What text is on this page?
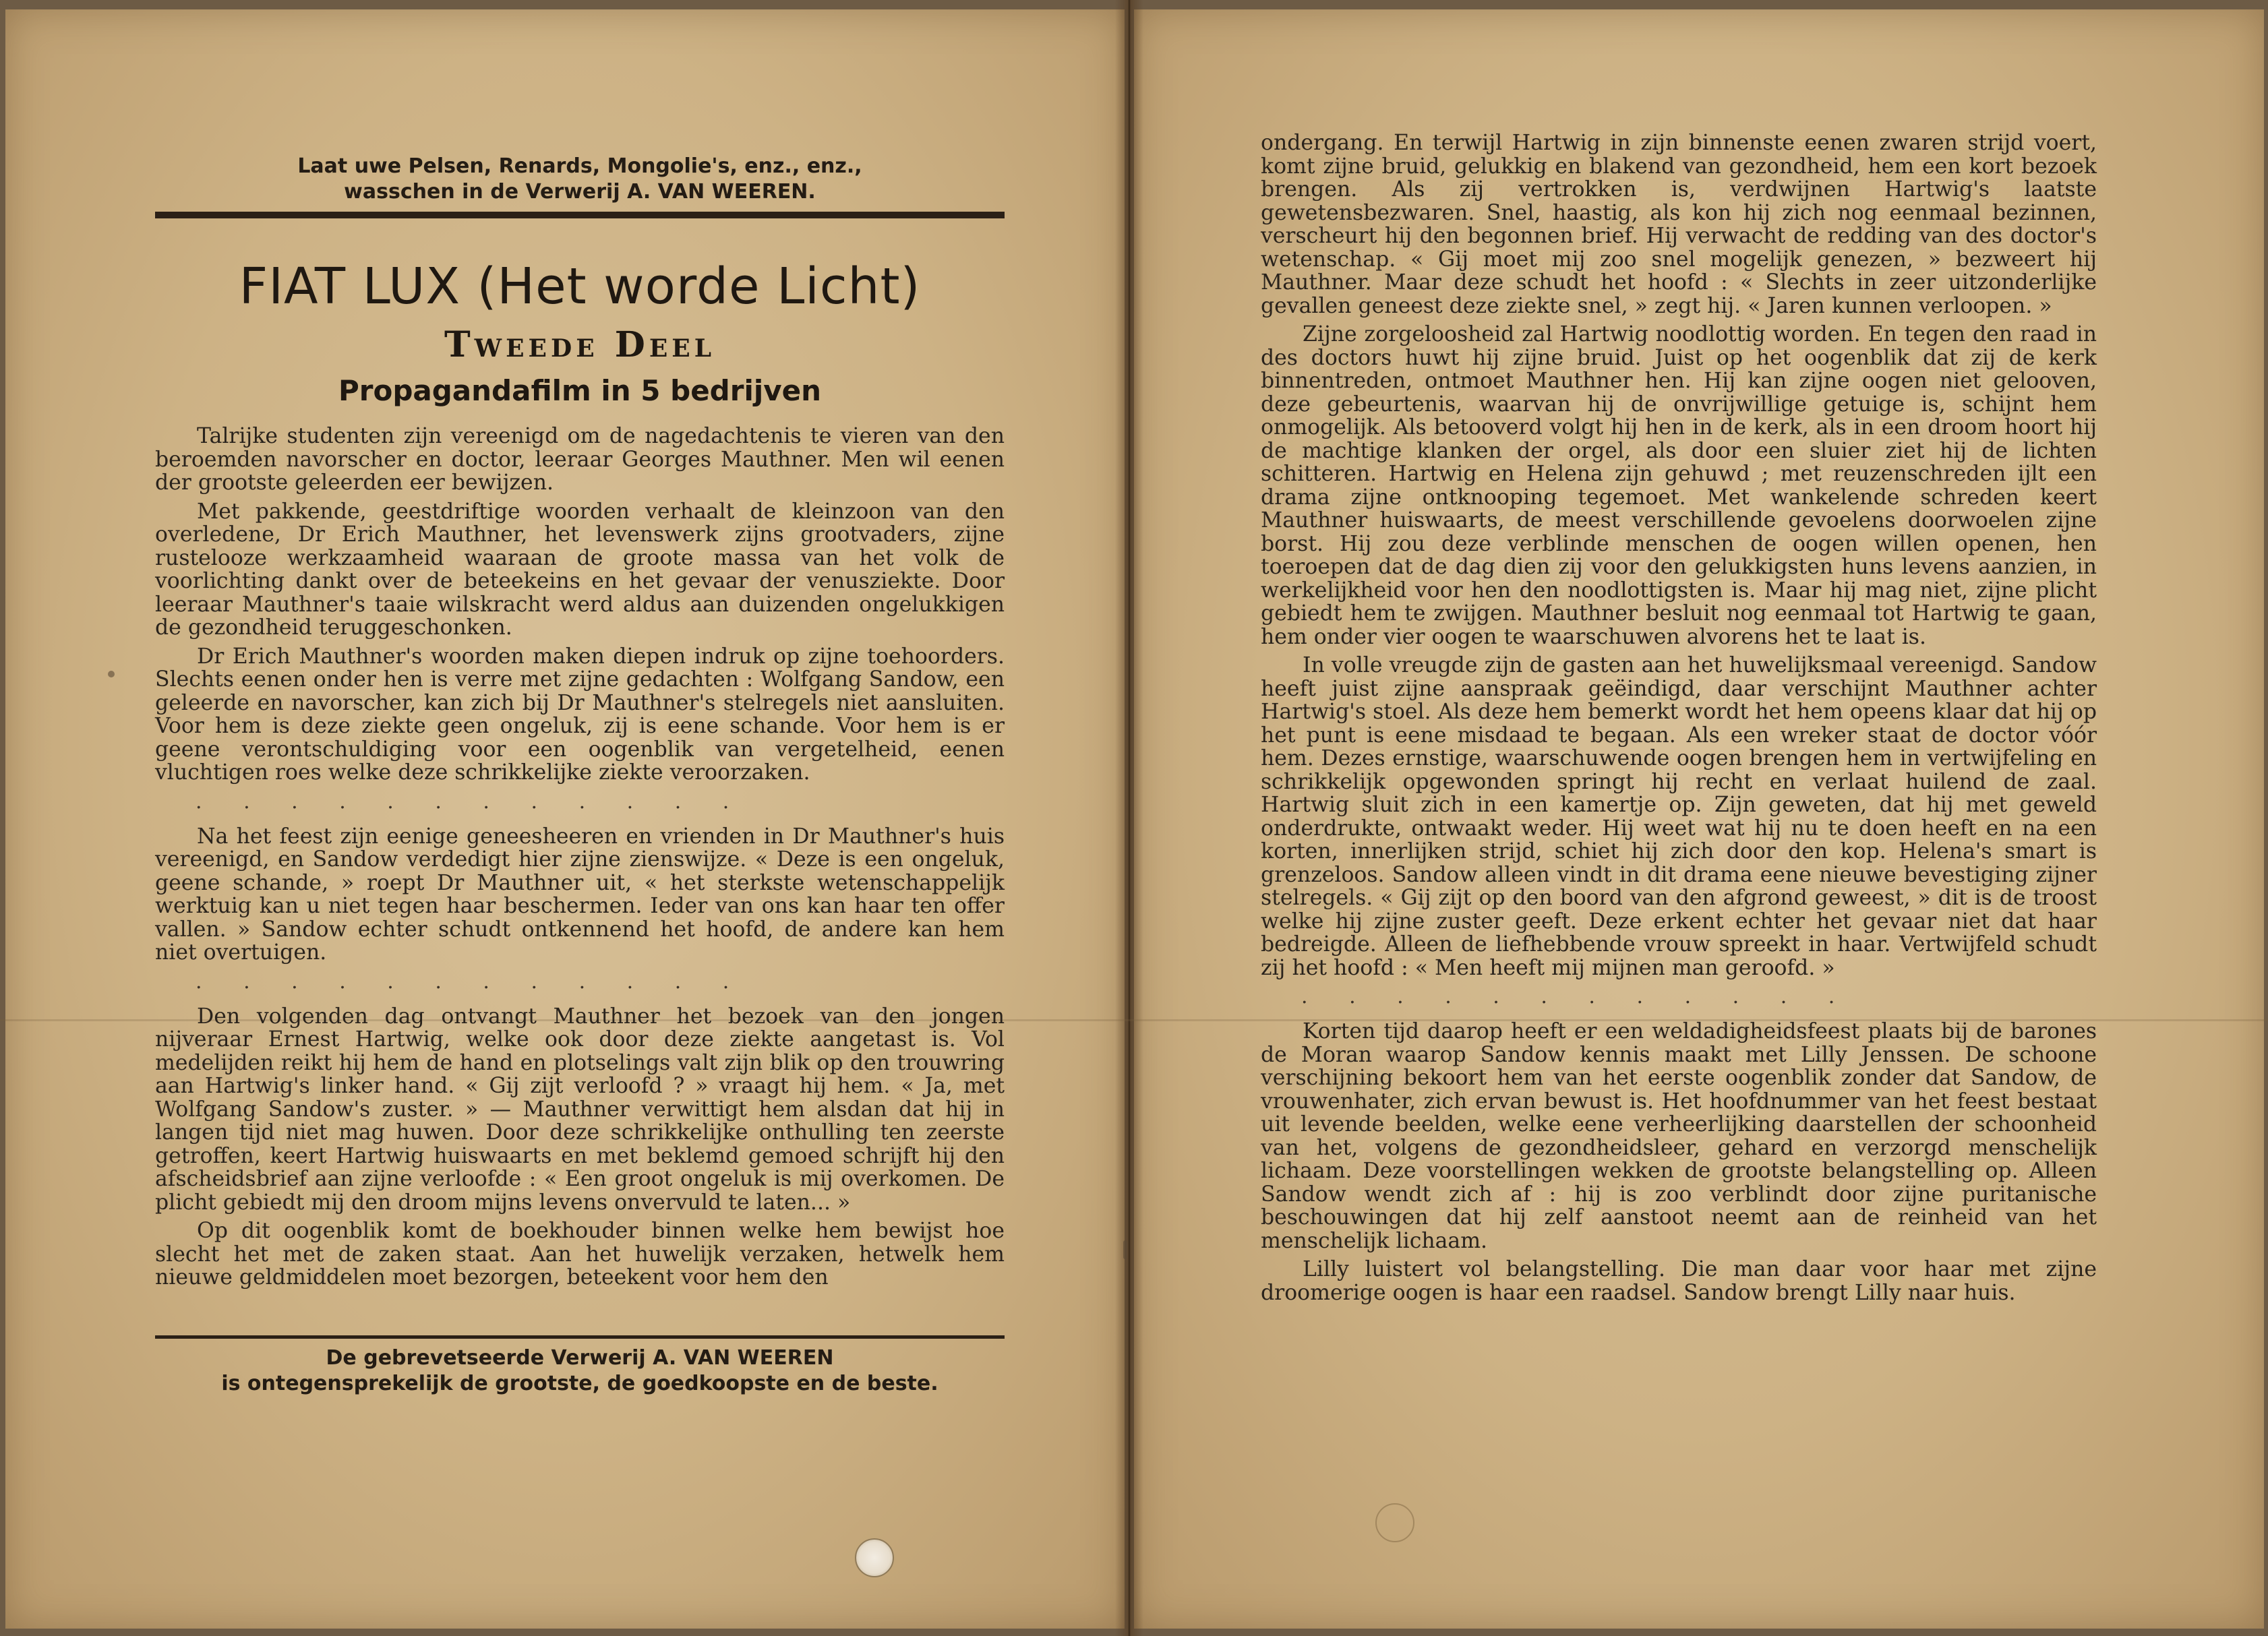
Laat uwe Pelsen, Renards, Mongolie's, enz., enz.,
wasschen in de Verwerij A. VAN WEEREN.
FIAT LUX (Het worde Licht)
Tweede Deel
Propagandafilm in 5 bedrijven

Talrijke studenten zijn vereenigd om de nagedachtenis te vieren van den beroemden navorscher en doctor, leeraar Georges Mauthner. Men wil eenen der grootste geleerden eer bewijzen.

Met pakkende, geestdriftige woorden verhaalt de kleinzoon van den overledene, Dr Erich Mauthner, het levenswerk zijns grootvaders, zijne rustelooze werkzaamheid waaraan de groote massa van het volk de voorlichting dankt over de beteekeins en het gevaar der venusziekte. Door leeraar Mauthner's taaie wilskracht werd aldus aan duizenden ongelukkigen de gezondheid teruggeschonken.

Dr Erich Mauthner's woorden maken diepen indruk op zijne toehoorders. Slechts eenen onder hen is verre met zijne gedachten : Wolfgang Sandow, een geleerde en navorscher, kan zich bij Dr Mauthner's stelregels niet aansluiten. Voor hem is deze ziekte geen ongeluk, zij is eene schande. Voor hem is er geene verontschuldiging voor een oogenblik van vergetelheid, eenen vluchtigen roes welke deze schrikkelijke ziekte veroorzaken.

. . . . . . . . . . . .

Na het feest zijn eenige geneesheeren en vrienden in Dr Mauthner's huis vereenigd, en Sandow verdedigt hier zijne zienswijze. « Deze is een ongeluk, geene schande, » roept Dr Mauthner uit, « het sterkste wetenschappelijk werktuig kan u niet tegen haar beschermen. Ieder van ons kan haar ten offer vallen. » Sandow echter schudt ontkennend het hoofd, de andere kan hem niet overtuigen.

. . . . . . . . . . . .

Den volgenden dag ontvangt Mauthner het bezoek van den jongen nijveraar Ernest Hartwig, welke ook door deze ziekte aangetast is. Vol medelijden reikt hij hem de hand en plotselings valt zijn blik op den trouwring aan Hartwig's linker hand. « Gij zijt verloofd ? » vraagt hij hem. « Ja, met Wolfgang Sandow's zuster. » — Mauthner verwittigt hem alsdan dat hij in langen tijd niet mag huwen. Door deze schrikkelijke onthulling ten zeerste getroffen, keert Hartwig huiswaarts en met beklemd gemoed schrijft hij den afscheidsbrief aan zijne verloofde : « Een groot ongeluk is mij overkomen. De plicht gebiedt mij den droom mijns levens onvervuld te laten... »

Op dit oogenblik komt de boekhouder binnen welke hem bewijst hoe slecht het met de zaken staat. Aan het huwelijk verzaken, hetwelk hem nieuwe geldmiddelen moet bezorgen, beteekent voor hem den

De gebrevetseerde Verwerij A. VAN WEEREN
is ontegensprekelijk de grootste, de goedkoopste en de beste.

ondergang. En terwijl Hartwig in zijn binnenste eenen zwaren strijd voert, komt zijne bruid, gelukkig en blakend van gezondheid, hem een kort bezoek brengen. Als zij vertrokken is, verdwijnen Hartwig's laatste gewetensbezwaren. Snel, haastig, als kon hij zich nog eenmaal bezinnen, verscheurt hij den begonnen brief. Hij verwacht de redding van des doctor's wetenschap. « Gij moet mij zoo snel mogelijk genezen, » bezweert hij Mauthner. Maar deze schudt het hoofd : « Slechts in zeer uitzonderlijke gevallen geneest deze ziekte snel, » zegt hij. « Jaren kunnen verloopen. »

Zijne zorgeloosheid zal Hartwig noodlottig worden. En tegen den raad in des doctors huwt hij zijne bruid. Juist op het oogenblik dat zij de kerk binnentreden, ontmoet Mauthner hen. Hij kan zijne oogen niet gelooven, deze gebeurtenis, waarvan hij de onvrijwillige getuige is, schijnt hem onmogelijk. Als betooverd volgt hij hen in de kerk, als in een droom hoort hij de machtige klanken der orgel, als door een sluier ziet hij de lichten schitteren. Hartwig en Helena zijn gehuwd ; met reuzenschreden ijlt een drama zijne ontknooping tegemoet. Met wankelende schreden keert Mauthner huiswaarts, de meest verschillende gevoelens doorwoelen zijne borst. Hij zou deze verblinde menschen de oogen willen openen, hen toeroepen dat de dag dien zij voor den gelukkigsten huns levens aanzien, in werkelijkheid voor hen den noodlottigsten is. Maar hij mag niet, zijne plicht gebiedt hem te zwijgen. Mauthner besluit nog eenmaal tot Hartwig te gaan, hem onder vier oogen te waarschuwen alvorens het te laat is.

In volle vreugde zijn de gasten aan het huwelijksmaal vereenigd. Sandow heeft juist zijne aanspraak geëindigd, daar verschijnt Mauthner achter Hartwig's stoel. Als deze hem bemerkt wordt het hem opeens klaar dat hij op het punt is eene misdaad te begaan. Als een wreker staat de doctor vóór hem. Dezes ernstige, waarschuwende oogen brengen hem in vertwijfeling en schrikkelijk opgewonden springt hij recht en verlaat huilend de zaal. Hartwig sluit zich in een kamertje op. Zijn geweten, dat hij met geweld onderdrukte, ontwaakt weder. Hij weet wat hij nu te doen heeft en na een korten, innerlijken strijd, schiet hij zich door den kop. Helena's smart is grenzeloos. Sandow alleen vindt in dit drama eene nieuwe bevestiging zijner stelregels. « Gij zijt op den boord van den afgrond geweest, » dit is de troost welke hij zijne zuster geeft. Deze erkent echter het gevaar niet dat haar bedreigde. Alleen de liefhebbende vrouw spreekt in haar. Vertwijfeld schudt zij het hoofd : « Men heeft mij mijnen man geroofd. »

. . . . . . . . . . . .

Korten tijd daarop heeft er een weldadigheidsfeest plaats bij de barones de Moran waarop Sandow kennis maakt met Lilly Jenssen. De schoone verschijning bekoort hem van het eerste oogenblik zonder dat Sandow, de vrouwenhater, zich ervan bewust is. Het hoofdnummer van het feest bestaat uit levende beelden, welke eene verheerlijking daarstellen der schoonheid van het, volgens de gezondheidsleer, gehard en verzorgd menschelijk lichaam. Deze voorstellingen wekken de grootste belangstelling op. Alleen Sandow wendt zich af : hij is zoo verblindt door zijne puritanische beschouwingen dat hij zelf aanstoot neemt aan de reinheid van het menschelijk lichaam.

Lilly luistert vol belangstelling. Die man daar voor haar met zijne droomerige oogen is haar een raadsel. Sandow brengt Lilly naar huis.
